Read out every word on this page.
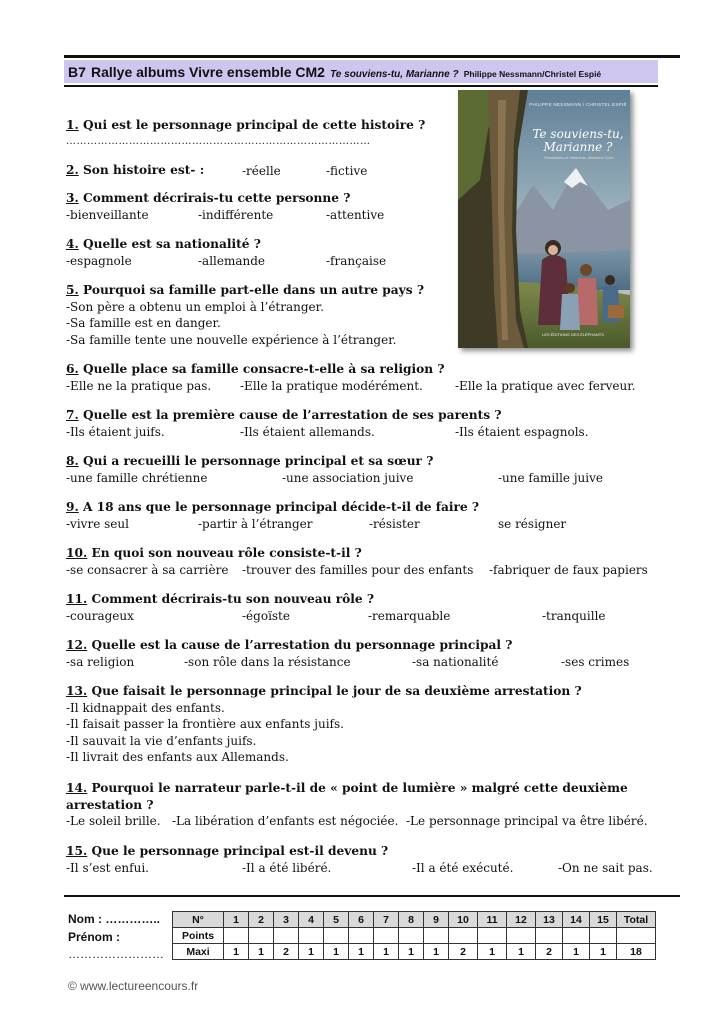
B7 Rallye albums Vivre ensemble CM2 Te souviens-tu, Marianne ? Philippe Nessmann/Christel Espié
PHILIPPE NESSMANN / CHRISTEL ESPIÉ
Te souviens-tu,
Marianne ?
Résistantes et résistants, Marianne Cohn
LES ÉDITIONS DES ÉLÉPHANTS
1. Qui est le personnage principal de cette histoire ?
……………………………………………………………………………
2. Son histoire est- :	-réelle	-fictive
3. Comment décrirais-tu cette personne ?
-bienveillante	-indifférente	-attentive
4. Quelle est sa nationalité ?
-espagnole	-allemande	-française
5. Pourquoi sa famille part-elle dans un autre pays ?
-Son père a obtenu un emploi à l’étranger.
-Sa famille est en danger.
-Sa famille tente une nouvelle expérience à l’étranger.
6. Quelle place sa famille consacre-t-elle à sa religion ?
-Elle ne la pratique pas. -Elle la pratique modérément.	-Elle la pratique avec ferveur.
7. Quelle est la première cause de l’arrestation de ses parents ?
-Ils étaient juifs.	-Ils étaient allemands.	-Ils étaient espagnols.
8. Qui a recueilli le personnage principal et sa sœur ?
-une famille chrétienne	-une association juive	-une famille juive
9. A 18 ans que le personnage principal décide-t-il de faire ?
-vivre seul	-partir à l’étranger	-résister	se résigner
10. En quoi son nouveau rôle consiste-t-il ?
-se consacrer à sa carrière -trouver des familles pour des enfants -fabriquer de faux papiers
11. Comment décrirais-tu son nouveau rôle ?
-courageux	-égoïste	-remarquable	-tranquille
12. Quelle est la cause de l’arrestation du personnage principal ?
-sa religion	-son rôle dans la résistance	-sa nationalité	-ses crimes
13. Que faisait le personnage principal le jour de sa deuxième arrestation ?
-Il kidnappait des enfants.
-Il faisait passer la frontière aux enfants juifs.
-Il sauvait la vie d’enfants juifs.
-Il livrait des enfants aux Allemands.
14. Pourquoi le narrateur parle-t-il de « point de lumière » malgré cette deuxième
arrestation ?
-Le soleil brille. -La libération d’enfants est négociée. -Le personnage principal va être libéré.
15. Que le personnage principal est-il devenu ?
-Il s’est enfui.	-Il a été libéré.	-Il a été exécuté.	-On ne sait pas.
Nom : …………..
Prénom :
……………………
N°	1	2	3	4	5	6	7	8	9	10	11	12	13	14	15	Total
Points																
Maxi	1	1	2	1	1	1	1	1	1	2	1	1	2	1	1	18
© www.lectureencours.fr
